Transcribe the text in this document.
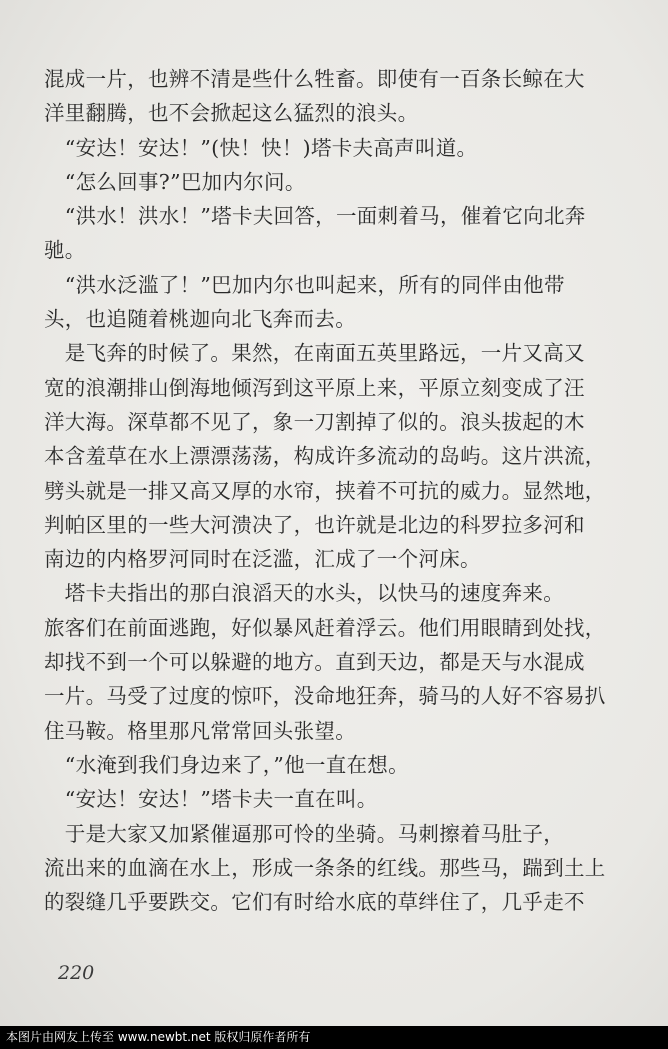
混成一片，也辨不清是些什么牲畜。即使有一百条长鲸在大
洋里翻腾，也不会掀起这么猛烈的浪头。
　“安达！安达！”(快！快！)塔卡夫高声叫道。
　“怎么回事?”巴加内尔问。
　“洪水！洪水！”塔卡夫回答，一面刺着马，催着它向北奔
驰。
　“洪水泛滥了！”巴加内尔也叫起来，所有的同伴由他带
头，也追随着桃迦向北飞奔而去。
　是飞奔的时候了。果然，在南面五英里路远，一片又高又
宽的浪潮排山倒海地倾泻到这平原上来，平原立刻变成了汪
洋大海。深草都不见了，象一刀割掉了似的。浪头拔起的木
本含羞草在水上漂漂荡荡，构成许多流动的岛屿。这片洪流，
劈头就是一排又高又厚的水帘，挟着不可抗的威力。显然地，
判帕区里的一些大河溃决了，也许就是北边的科罗拉多河和
南边的内格罗河同时在泛滥，汇成了一个河床。
　塔卡夫指出的那白浪滔天的水头，以快马的速度奔来。
旅客们在前面逃跑，好似暴风赶着浮云。他们用眼睛到处找，
却找不到一个可以躲避的地方。直到天边，都是天与水混成
一片。马受了过度的惊吓，没命地狂奔，骑马的人好不容易扒
住马鞍。格里那凡常常回头张望。
　“水淹到我们身边来了，”他一直在想。
　“安达！安达！”塔卡夫一直在叫。
　于是大家又加紧催逼那可怜的坐骑。马刺擦着马肚子，
流出来的血滴在水上，形成一条条的红线。那些马，踹到土上
的裂缝几乎要跌交。它们有时给水底的草绊住了，几乎走不
220
本图片由网友上传至 www.newbt.net 版权归原作者所有
